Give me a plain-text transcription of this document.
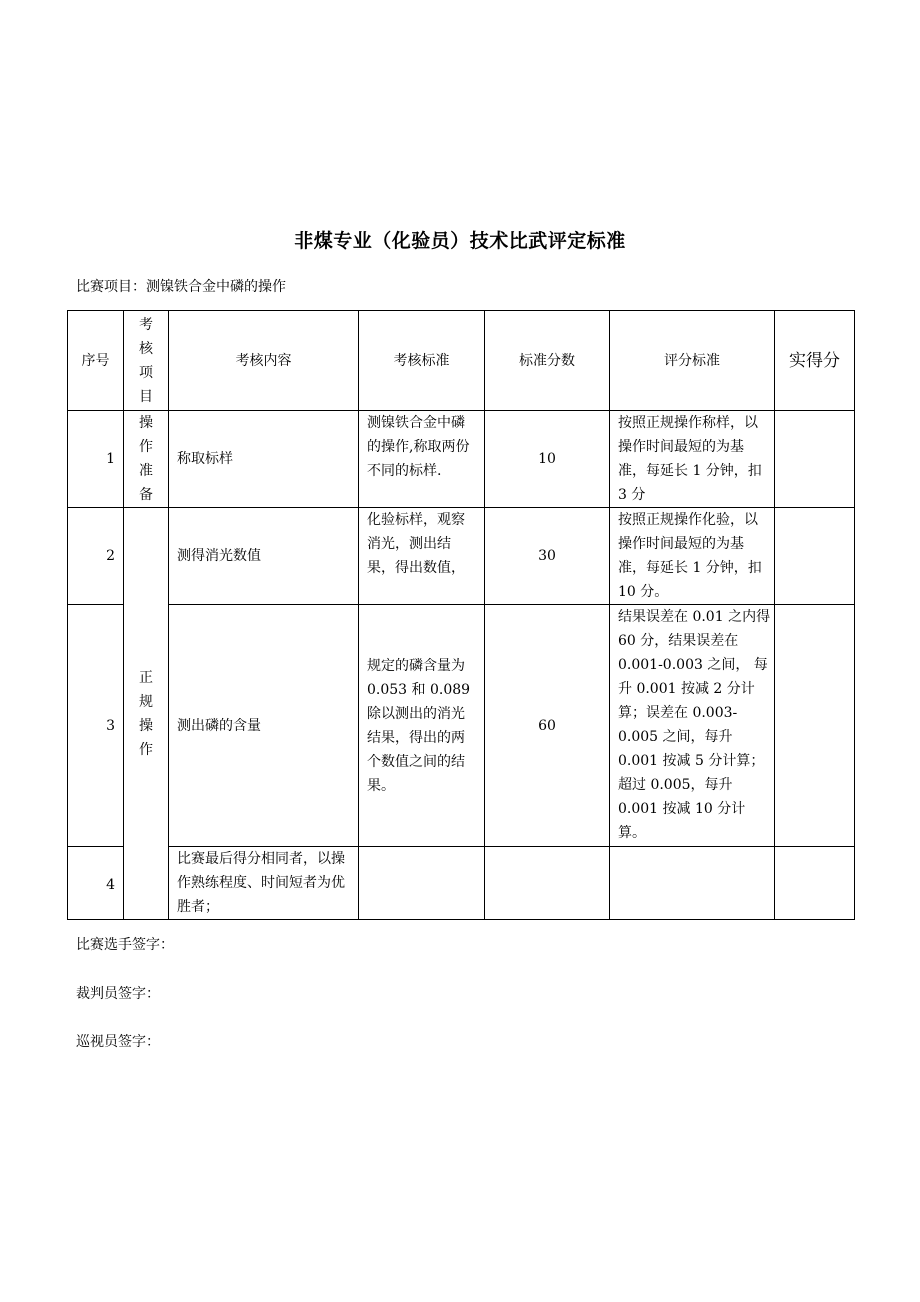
非煤专业（化验员）技术比武评定标准
比赛项目：测镍铁合金中磷的操作
序号	考核项目	考核内容	考核标准	标准分数	评分标准	实得分
1	操作准备	称取标样	测镍铁合金中磷的操作,称取两份不同的标样.	10	按照正规操作称样，以操作时间最短的为基准，每延长 1 分钟，扣 3 分	
2	正规操作	测得消光数值	化验标样，观察消光，测出结果，得出数值，	30	按照正规操作化验，以操作时间最短的为基准，每延长 1 分钟，扣 10 分。	
3		测出磷的含量	规定的磷含量为 0.053 和 0.089 除以测出的消光结果，得出的两个数值之间的结果。	60	结果误差在 0.01 之内得 60 分，结果误差在 0.001-0.003 之间， 每升 0.001 按减 2 分计算；误差在 0.003-0.005 之间，每升 0.001 按减 5 分计算；超过 0.005，每升 0.001 按减 10 分计算。	
4		比赛最后得分相同者，以操作熟练程度、时间短者为优胜者；				
比赛选手签字：
裁判员签字：
巡视员签字：
